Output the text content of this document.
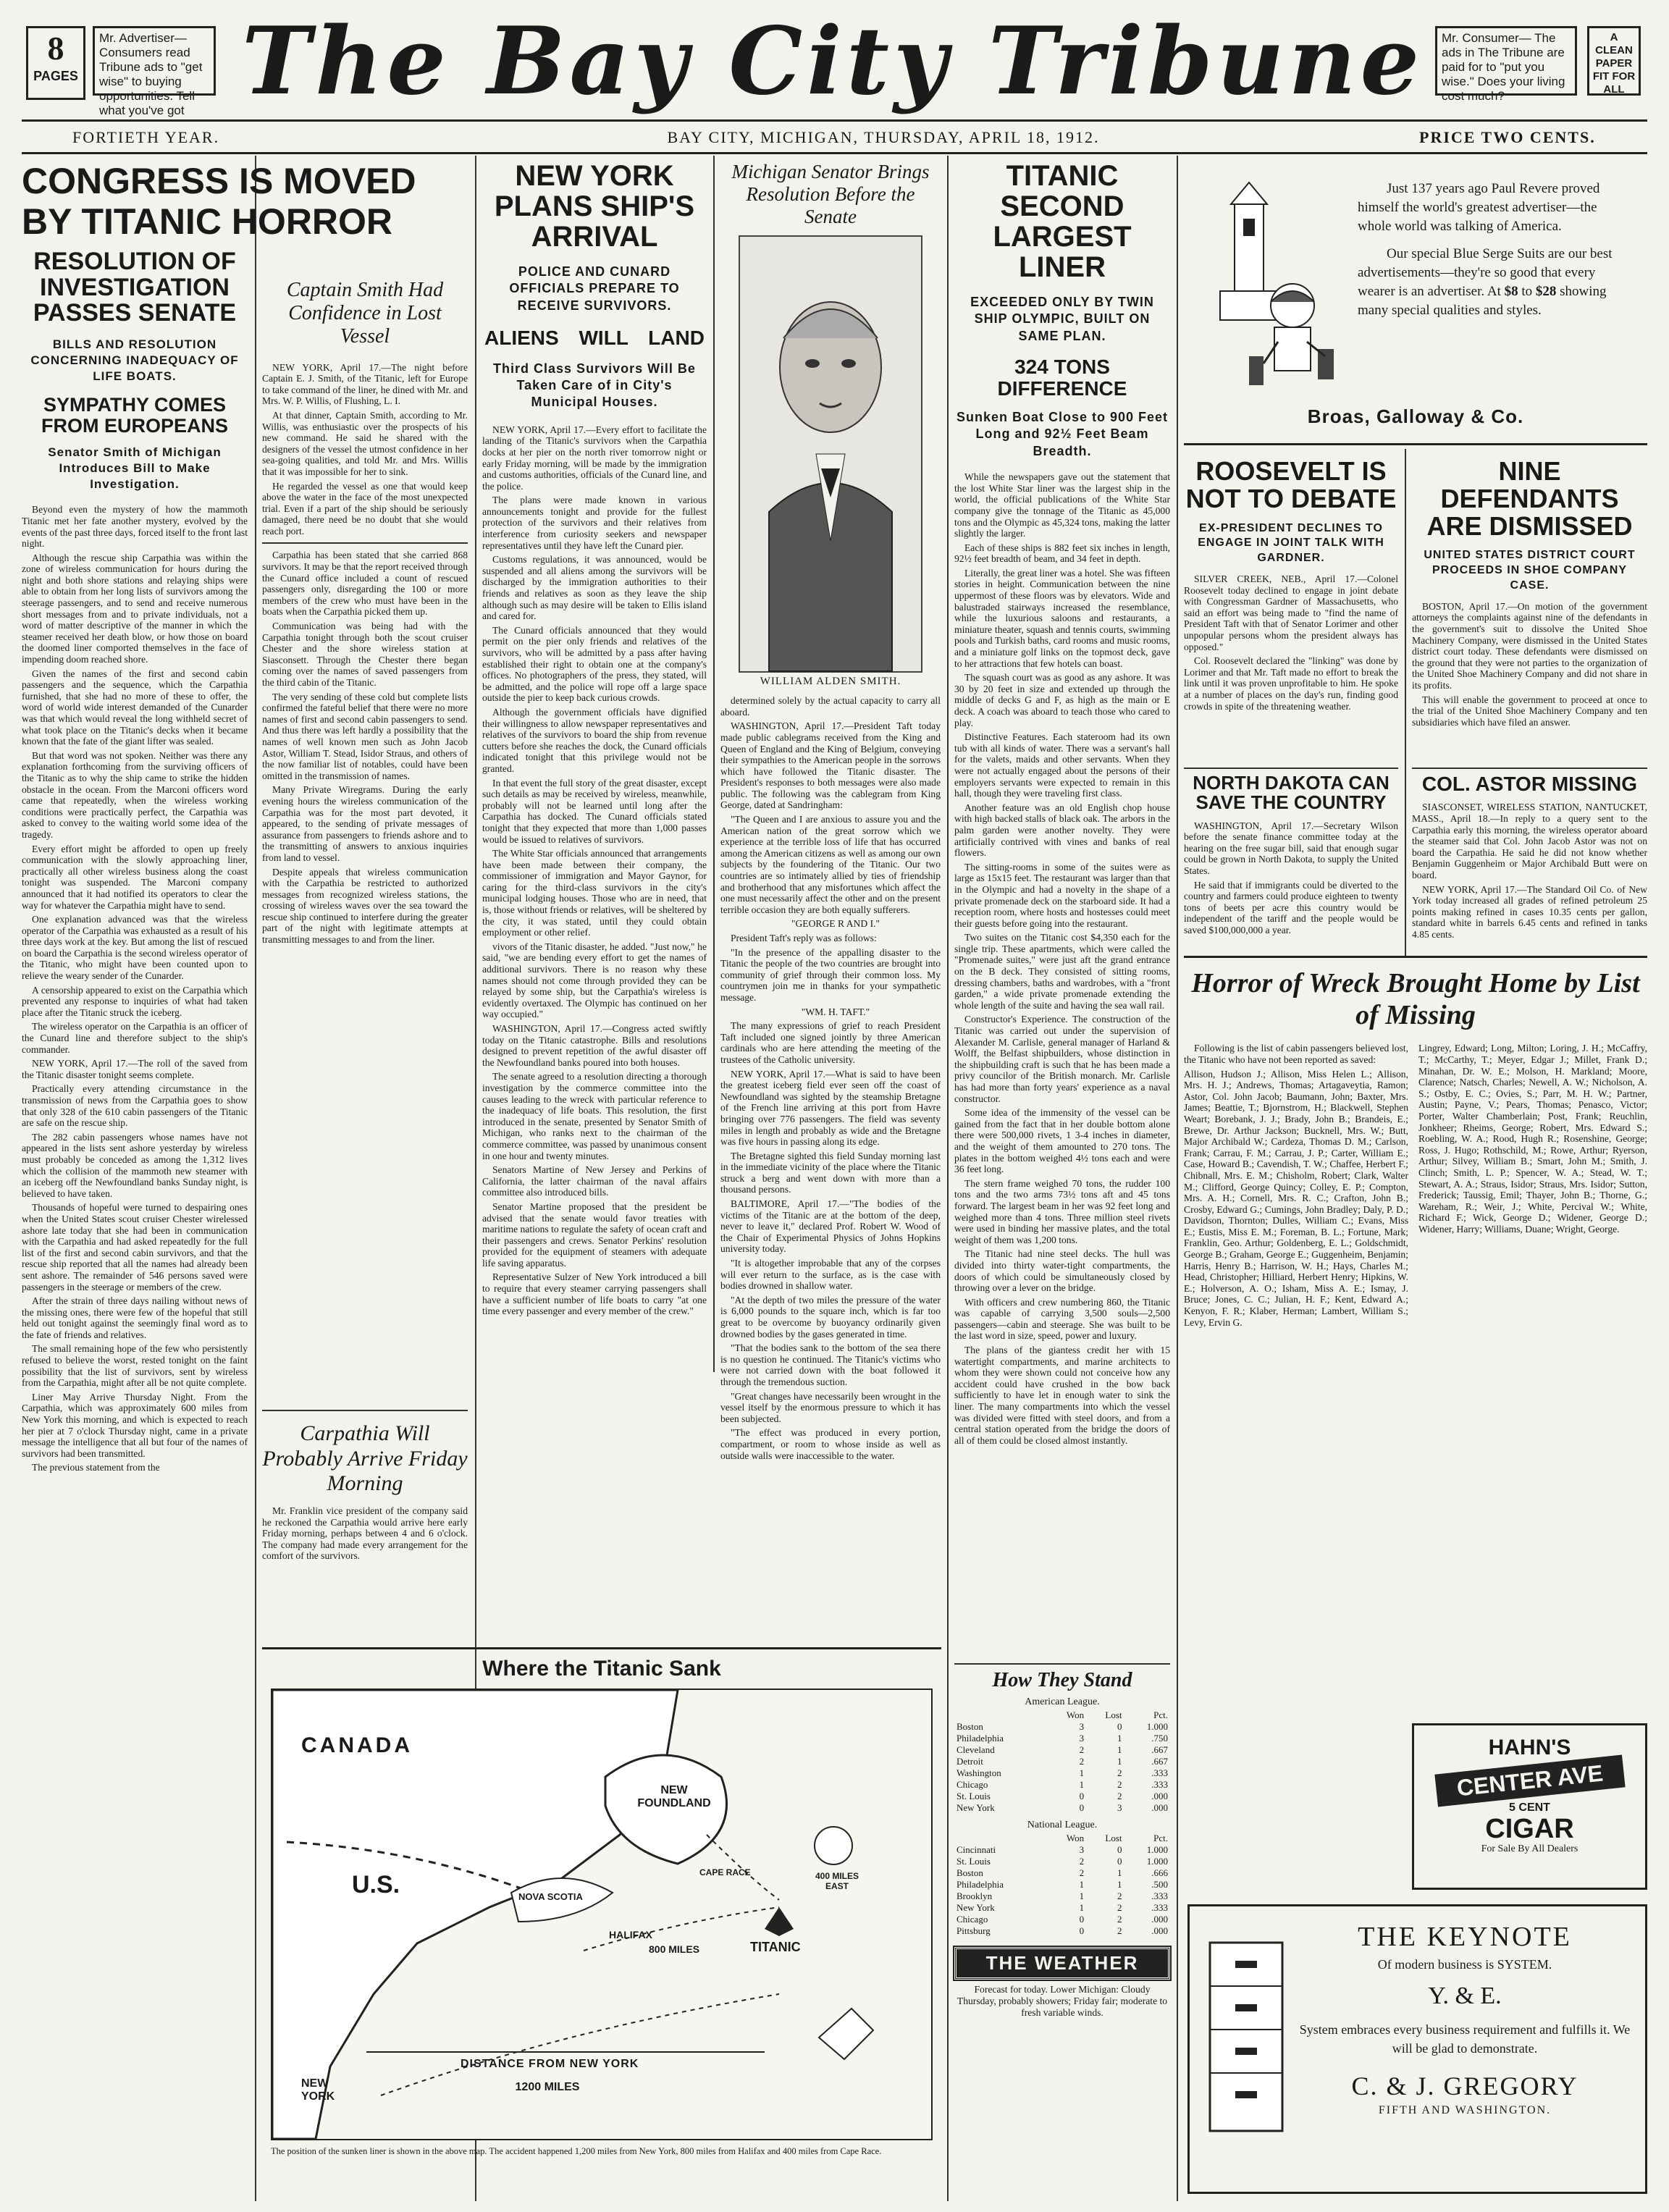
8
PAGES
Mr. Advertiser— Consumers read Tribune ads to "get wise" to buying opportunities. Tell what you've got The Bay City Tribune	Mr. Consumer— The ads in The Tribune are paid for to "put you wise." Does your living cost much?
A CLEAN PAPER FIT FOR ALL
FORTIETH YEAR.	BAY CITY, MICHIGAN, THURSDAY, APRIL 18, 1912.	PRICE TWO CENTS.
CONGRESS IS MOVED BY TITANIC HORROR
RESOLUTION OF INVESTIGATION PASSES SENATE
BILLS AND RESOLUTION CONCERNING INADEQUACY OF LIFE BOATS.
SYMPATHY COMES FROM EUROPEANS
Senator Smith of Michigan Introduces Bill to Make Investigation.

Beyond even the mystery of how the mammoth Titanic met her fate another mystery, evolved by the events of the past three days, forced itself to the front last night.

Although the rescue ship Carpathia was within the zone of wireless communication for hours during the night and both shore stations and relaying ships were able to obtain from her long lists of survivors among the steerage passengers, and to send and receive numerous short messages from and to private individuals, not a word of matter descriptive of the manner in which the steamer received her death blow, or how those on board the doomed liner comported themselves in the face of impending doom reached shore.

Given the names of the first and second cabin passengers and the sequence, which the Carpathia furnished, that she had no more of these to offer, the word of world wide interest demanded of the Cunarder was that which would reveal the long withheld secret of what took place on the Titanic's decks when it became known that the fate of the giant lifter was sealed.

But that word was not spoken. Neither was there any explanation forthcoming from the surviving officers of the Titanic as to why the ship came to strike the hidden obstacle in the ocean. From the Marconi officers word came that repeatedly, when the wireless working conditions were practically perfect, the Carpathia was asked to convey to the waiting world some idea of the tragedy.

Every effort might be afforded to open up freely communication with the slowly approaching liner, practically all other wireless business along the coast tonight was suspended. The Marconi company announced that it had notified its operators to clear the way for whatever the Carpathia might have to send.

One explanation advanced was that the wireless operator of the Carpathia was exhausted as a result of his three days work at the key. But among the list of rescued on board the Carpathia is the second wireless operator of the Titanic, who might have been counted upon to relieve the weary sender of the Cunarder.

A censorship appeared to exist on the Carpathia which prevented any response to inquiries of what had taken place after the Titanic struck the iceberg.

The wireless operator on the Carpathia is an officer of the Cunard line and therefore subject to the ship's commander.

NEW YORK, April 17.—The roll of the saved from the Titanic disaster tonight seems complete.

Practically every attending circumstance in the transmission of news from the Carpathia goes to show that only 328 of the 610 cabin passengers of the Titanic are safe on the rescue ship.

The 282 cabin passengers whose names have not appeared in the lists sent ashore yesterday by wireless must probably be conceded as among the 1,312 lives which the collision of the mammoth new steamer with an iceberg off the Newfoundland banks Sunday night, is believed to have taken.

Thousands of hopeful were turned to despairing ones when the United States scout cruiser Chester wirelessed ashore late today that she had been in communication with the Carpathia and had asked repeatedly for the full list of the first and second cabin survivors, and that the rescue ship reported that all the names had already been sent ashore. The remainder of 546 persons saved were passengers in the steerage or members of the crew.

After the strain of three days nailing without news of the missing ones, there were few of the hopeful that still held out tonight against the seemingly final word as to the fate of friends and relatives.

The small remaining hope of the few who persistently refused to believe the worst, rested tonight on the faint possibility that the list of survivors, sent by wireless from the Carpathia, might after all be not quite complete.

Liner May Arrive Thursday Night. From the Carpathia, which was approximately 600 miles from New York this morning, and which is expected to reach her pier at 7 o'clock Thursday night, came in a private message the intelligence that all but four of the names of survivors had been transmitted.

The previous statement from the

Captain Smith Had Confidence in Lost Vessel

NEW YORK, April 17.—The night before Captain E. J. Smith, of the Titanic, left for Europe to take command of the liner, he dined with Mr. and Mrs. W. P. Willis, of Flushing, L. I.

At that dinner, Captain Smith, according to Mr. Willis, was enthusiastic over the prospects of his new command. He said he shared with the designers of the vessel the utmost confidence in her sea-going qualities, and told Mr. and Mrs. Willis that it was impossible for her to sink.

He regarded the vessel as one that would keep above the water in the face of the most unexpected trial. Even if a part of the ship should be seriously damaged, there need be no doubt that she would reach port.

Carpathia has been stated that she carried 868 survivors. It may be that the report received through the Cunard office included a count of rescued passengers only, disregarding the 100 or more members of the crew who must have been in the boats when the Carpathia picked them up.

Communication was being had with the Carpathia tonight through both the scout cruiser Chester and the shore wireless station at Siasconsett. Through the Chester there began coming over the names of saved passengers from the third cabin of the Titanic.

The very sending of these cold but complete lists confirmed the fateful belief that there were no more names of first and second cabin passengers to send. And thus there was left hardly a possibility that the names of well known men such as John Jacob Astor, William T. Stead, Isidor Straus, and others of the now familiar list of notables, could have been omitted in the transmission of names.

Many Private Wiregrams. During the early evening hours the wireless communication of the Carpathia was for the most part devoted, it appeared, to the sending of private messages of assurance from passengers to friends ashore and to the transmitting of answers to anxious inquiries from land to vessel.

Despite appeals that wireless communication with the Carpathia be restricted to authorized messages from recognized wireless stations, the crossing of wireless waves over the sea toward the rescue ship continued to interfere during the greater part of the night with legitimate attempts at transmitting messages to and from the liner.

Carpathia Will Probably Arrive Friday Morning

Mr. Franklin vice president of the company said he reckoned the Carpathia would arrive here early Friday morning, perhaps between 4 and 6 o'clock. The company had made every arrangement for the comfort of the survivors.

NEW YORK PLANS SHIP'S ARRIVAL
POLICE AND CUNARD OFFICIALS PREPARE TO RECEIVE SURVIVORS.
ALIENS WILL LAND
Third Class Survivors Will Be Taken Care of in City's Municipal Houses.

NEW YORK, April 17.—Every effort to facilitate the landing of the Titanic's survivors when the Carpathia docks at her pier on the north river tomorrow night or early Friday morning, will be made by the immigration and customs authorities, officials of the Cunard line, and the police.

The plans were made known in various announcements tonight and provide for the fullest protection of the survivors and their relatives from interference from curiosity seekers and newspaper representatives until they have left the Cunard pier.

Customs regulations, it was announced, would be suspended and all aliens among the survivors will be discharged by the immigration authorities to their friends and relatives as soon as they leave the ship although such as may desire will be taken to Ellis island and cared for.

The Cunard officials announced that they would permit on the pier only friends and relatives of the survivors, who will be admitted by a pass after having established their right to obtain one at the company's offices. No photographers of the press, they stated, will be admitted, and the police will rope off a large space outside the pier to keep back curious crowds.

Although the government officials have dignified their willingness to allow newspaper representatives and relatives of the survivors to board the ship from revenue cutters before she reaches the dock, the Cunard officials indicated tonight that this privilege would not be granted.

In that event the full story of the great disaster, except such details as may be received by wireless, meanwhile, probably will not be learned until long after the Carpathia has docked. The Cunard officials stated tonight that they expected that more than 1,000 passes would be issued to relatives of survivors.

The White Star officials announced that arrangements have been made between their company, the commissioner of immigration and Mayor Gaynor, for caring for the third-class survivors in the city's municipal lodging houses. Those who are in need, that is, those without friends or relatives, will be sheltered by the city, it was stated, until they could obtain employment or other relief.

vivors of the Titanic disaster, he added. "Just now," he said, "we are bending every effort to get the names of additional survivors. There is no reason why these names should not come through provided they can be relayed by some ship, but the Carpathia's wireless is evidently overtaxed. The Olympic has continued on her way occupied."

WASHINGTON, April 17.—Congress acted swiftly today on the Titanic catastrophe. Bills and resolutions designed to prevent repetition of the awful disaster off the Newfoundland banks poured into both houses.

The senate agreed to a resolution directing a thorough investigation by the commerce committee into the causes leading to the wreck with particular reference to the inadequacy of life boats. This resolution, the first introduced in the senate, presented by Senator Smith of Michigan, who ranks next to the chairman of the commerce committee, was passed by unanimous consent in one hour and twenty minutes.

Senators Martine of New Jersey and Perkins of California, the latter chairman of the naval affairs committee also introduced bills.

Senator Martine proposed that the president be advised that the senate would favor treaties with maritime nations to regulate the safety of ocean craft and their passengers and crews. Senator Perkins' resolution provided for the equipment of steamers with adequate life saving apparatus.

Representative Sulzer of New York introduced a bill to require that every steamer carrying passengers shall have a sufficient number of life boats to carry "at one time every passenger and every member of the crew."

Michigan Senator Brings Resolution Before the Senate
WILLIAM ALDEN SMITH.

determined solely by the actual capacity to carry all aboard.

WASHINGTON, April 17.—President Taft today made public cablegrams received from the King and Queen of England and the King of Belgium, conveying their sympathies to the American people in the sorrows which have followed the Titanic disaster. The President's responses to both messages were also made public. The following was the cablegram from King George, dated at Sandringham:

"The Queen and I are anxious to assure you and the American nation of the great sorrow which we experience at the terrible loss of life that has occurred among the American citizens as well as among our own subjects by the foundering of the Titanic. Our two countries are so intimately allied by ties of friendship and brotherhood that any misfortunes which affect the one must necessarily affect the other and on the present terrible occasion they are both equally sufferers.

"GEORGE R AND I."

President Taft's reply was as follows:

"In the presence of the appalling disaster to the Titanic the people of the two countries are brought into community of grief through their common loss. My countrymen join me in thanks for your sympathetic message.

"WM. H. TAFT."

The many expressions of grief to reach President Taft included one signed jointly by three American cardinals who are here attending the meeting of the trustees of the Catholic university.

NEW YORK, April 17.—What is said to have been the greatest iceberg field ever seen off the coast of Newfoundland was sighted by the steamship Bretagne of the French line arriving at this port from Havre bringing over 776 passengers. The field was seventy miles in length and probably as wide and the Bretagne was five hours in passing along its edge.

The Bretagne sighted this field Sunday morning last in the immediate vicinity of the place where the Titanic struck a berg and went down with more than a thousand persons.

BALTIMORE, April 17.—"The bodies of the victims of the Titanic are at the bottom of the deep, never to leave it," declared Prof. Robert W. Wood of the Chair of Experimental Physics of Johns Hopkins university today.

"It is altogether improbable that any of the corpses will ever return to the surface, as is the case with bodies drowned in shallow water.

"At the depth of two miles the pressure of the water is 6,000 pounds to the square inch, which is far too great to be overcome by buoyancy ordinarily given drowned bodies by the gases generated in time.

"That the bodies sank to the bottom of the sea there is no question he continued. The Titanic's victims who were not carried down with the boat followed it through the tremendous suction.

"Great changes have necessarily been wrought in the vessel itself by the enormous pressure to which it has been subjected.

"The effect was produced in every portion, compartment, or room to whose inside as well as outside walls were inaccessible to the water.

Where the Titanic Sank
CANADA
U.S.
NEW FOUNDLAND
NOVA SCOTIA
HALIFAX
800 MILES
CAPE RACE	400 MILES EAST
NEW YORK
TITANIC
DISTANCE FROM NEW YORK
1200 MILES
The position of the sunken liner is shown in the above map. The accident happened 1,200 miles from New York, 800 miles from Halifax and 400 miles from Cape Race.
TITANIC SECOND LARGEST LINER
EXCEEDED ONLY BY TWIN SHIP OLYMPIC, BUILT ON SAME PLAN.
324 TONS DIFFERENCE
Sunken Boat Close to 900 Feet Long and 92½ Feet Beam Breadth.

While the newspapers gave out the statement that the lost White Star liner was the largest ship in the world, the official publications of the White Star company give the tonnage of the Titanic as 45,000 tons and the Olympic as 45,324 tons, making the latter slightly the larger.

Each of these ships is 882 feet six inches in length, 92½ feet breadth of beam, and 34 feet in depth.

Literally, the great liner was a hotel. She was fifteen stories in height. Communication between the nine uppermost of these floors was by elevators. Wide and balustraded stairways increased the resemblance, while the luxurious saloons and restaurants, a miniature theater, squash and tennis courts, swimming pools and Turkish baths, card rooms and music rooms, and a miniature golf links on the topmost deck, gave to her attractions that few hotels can boast.

The squash court was as good as any ashore. It was 30 by 20 feet in size and extended up through the middle of decks G and F, as high as the main or E deck. A coach was aboard to teach those who cared to play.

Distinctive Features. Each stateroom had its own tub with all kinds of water. There was a servant's hall for the valets, maids and other servants. When they were not actually engaged about the persons of their employers servants were expected to remain in this hall, though they were traveling first class.

Another feature was an old English chop house with high backed stalls of black oak. The arbors in the palm garden were another novelty. They were artificially contrived with vines and banks of real flowers.

The sitting-rooms in some of the suites were as large as 15x15 feet. The restaurant was larger than that in the Olympic and had a novelty in the shape of a private promenade deck on the starboard side. It had a reception room, where hosts and hostesses could meet their guests before going into the restaurant.

Two suites on the Titanic cost $4,350 each for the single trip. These apartments, which were called the "Promenade suites," were just aft the grand entrance on the B deck. They consisted of sitting rooms, dressing chambers, baths and wardrobes, with a "front garden," a wide private promenade extending the whole length of the suite and having the sea wall rail.

Constructor's Experience. The construction of the Titanic was carried out under the supervision of Alexander M. Carlisle, general manager of Harland & Wolff, the Belfast shipbuilders, whose distinction in the shipbuilding craft is such that he has been made a privy councilor of the British monarch. Mr. Carlisle has had more than forty years' experience as a naval constructor.

Some idea of the immensity of the vessel can be gained from the fact that in her double bottom alone there were 500,000 rivets, 1 3-4 inches in diameter, and the weight of them amounted to 270 tons. The plates in the bottom weighed 4½ tons each and were 36 feet long.

The stern frame weighed 70 tons, the rudder 100 tons and the two arms 73½ tons aft and 45 tons forward. The largest beam in her was 92 feet long and weighed more than 4 tons. Three million steel rivets were used in binding her massive plates, and the total weight of them was 1,200 tons.

The Titanic had nine steel decks. The hull was divided into thirty water-tight compartments, the doors of which could be simultaneously closed by throwing over a lever on the bridge.

With officers and crew numbering 860, the Titanic was capable of carrying 3,500 souls—2,500 passengers—cabin and steerage. She was built to be the last word in size, speed, power and luxury.

The plans of the giantess credit her with 15 watertight compartments, and marine architects to whom they were shown could not conceive how any accident could have crushed in the bow back sufficiently to have let in enough water to sink the liner. The many compartments into which the vessel was divided were fitted with steel doors, and from a central station operated from the bridge the doors of all of them could be closed almost instantly.

How They Stand
American League.
	Won	Lost	Pct.
Boston	3	0	1.000
Philadelphia	3	1	.750
Cleveland	2	1	.667
Detroit	2	1	.667
Washington	1	2	.333
Chicago	1	2	.333
St. Louis	0	2	.000
New York	0	3	.000
National League.
	Won	Lost	Pct.
Cincinnati	3	0	1.000
St. Louis	2	0	1.000
Boston	2	1	.666
Philadelphia	1	1	.500
Brooklyn	1	2	.333
New York	1	2	.333
Chicago	0	2	.000
Pittsburg	0	2	.000
THE WEATHER
Forecast for today. Lower Michigan: Cloudy Thursday, probably showers; Friday fair; moderate to fresh variable winds.

Just 137 years ago Paul Revere proved himself the world's greatest advertiser—the whole world was talking of America.

Our special Blue Serge Suits are our best advertisements—they're so good that every wearer is an advertiser. At $8 to $28 showing many special qualities and styles.

Broas, Galloway & Co.
ROOSEVELT IS NOT TO DEBATE
EX-PRESIDENT DECLINES TO ENGAGE IN JOINT TALK WITH GARDNER.

SILVER CREEK, NEB., April 17.—Colonel Roosevelt today declined to engage in joint debate with Congressman Gardner of Massachusetts, who said an effort was being made to "find the name of President Taft with that of Senator Lorimer and other unpopular persons whom the president always has opposed."

Col. Roosevelt declared the "linking" was done by Lorimer and that Mr. Taft made no effort to break the link until it was proven unprofitable to him. He spoke at a number of places on the day's run, finding good crowds in spite of the threatening weather.

NORTH DAKOTA CAN SAVE THE COUNTRY

WASHINGTON, April 17.—Secretary Wilson before the senate finance committee today at the hearing on the free sugar bill, said that enough sugar could be grown in North Dakota, to supply the United States.

He said that if immigrants could be diverted to the country and farmers could produce eighteen to twenty tons of beets per acre this country would be independent of the tariff and the people would be saved $100,000,000 a year.

NINE DEFENDANTS ARE DISMISSED
UNITED STATES DISTRICT COURT PROCEEDS IN SHOE COMPANY CASE.

BOSTON, April 17.—On motion of the government attorneys the complaints against nine of the defendants in the government's suit to dissolve the United Shoe Machinery Company, were dismissed in the United States district court today. These defendants were dismissed on the ground that they were not parties to the organization of the United Shoe Machinery Company and did not share in its profits.

This will enable the government to proceed at once to the trial of the United Shoe Machinery Company and ten subsidiaries which have filed an answer.

COL. ASTOR MISSING

SIASCONSET, WIRELESS STATION, NANTUCKET, MASS., April 18.—In reply to a query sent to the Carpathia early this morning, the wireless operator aboard the steamer said that Col. John Jacob Astor was not on board the Carpathia. He said he did not know whether Benjamin Guggenheim or Major Archibald Butt were on board.

NEW YORK, April 17.—The Standard Oil Co. of New York today increased all grades of refined petroleum 25 points making refined in cases 10.35 cents per gallon, standard white in barrels 6.45 cents and refined in tanks 4.85 cents.

Horror of Wreck Brought Home by List of Missing

Following is the list of cabin passengers believed lost, the Titanic who have not been reported as saved:

Allison, Hudson J.; Allison, Miss Helen L.; Allison, Mrs. H. J.; Andrews, Thomas; Artagaveytia, Ramon; Astor, Col. John Jacob; Baumann, John; Baxter, Mrs. James; Beattie, T.; Bjornstrom, H.; Blackwell, Stephen Weart; Borebank, J. J.; Brady, John B.; Brandeis, E.; Brewe, Dr. Arthur Jackson; Bucknell, Mrs. W.; Butt, Major Archibald W.; Cardeza, Thomas D. M.; Carlson, Frank; Carrau, F. M.; Carrau, J. P.; Carter, William E.; Case, Howard B.; Cavendish, T. W.; Chaffee, Herbert F.; Chibnall, Mrs. E. M.; Chisholm, Robert; Clark, Walter M.; Clifford, George Quincy; Colley, E. P.; Compton, Mrs. A. H.; Cornell, Mrs. R. C.; Crafton, John B.; Crosby, Edward G.; Cumings, John Bradley; Daly, P. D.; Davidson, Thornton; Dulles, William C.; Evans, Miss E.; Eustis, Miss E. M.; Foreman, B. L.; Fortune, Mark; Franklin, Geo. Arthur; Goldenberg, E. L.; Goldschmidt, George B.; Graham, George E.; Guggenheim, Benjamin; Harris, Henry B.; Harrison, W. H.; Hays, Charles M.; Head, Christopher; Hilliard, Herbert Henry; Hipkins, W. E.; Holverson, A. O.; Isham, Miss A. E.; Ismay, J. Bruce; Jones, C. C.; Julian, H. F.; Kent, Edward A.; Kenyon, F. R.; Klaber, Herman; Lambert, William S.; Levy, Ervin G.

Lingrey, Edward; Long, Milton; Loring, J. H.; McCaffry, T.; McCarthy, T.; Meyer, Edgar J.; Millet, Frank D.; Minahan, Dr. W. E.; Molson, H. Markland; Moore, Clarence; Natsch, Charles; Newell, A. W.; Nicholson, A. S.; Ostby, E. C.; Ovies, S.; Parr, M. H. W.; Partner, Austin; Payne, V.; Pears, Thomas; Penasco, Victor; Porter, Walter Chamberlain; Post, Frank; Reuchlin, Jonkheer; Rheims, George; Robert, Mrs. Edward S.; Roebling, W. A.; Rood, Hugh R.; Rosenshine, George; Ross, J. Hugo; Rothschild, M.; Rowe, Arthur; Ryerson, Arthur; Silvey, William B.; Smart, John M.; Smith, J. Clinch; Smith, L. P.; Spencer, W. A.; Stead, W. T.; Stewart, A. A.; Straus, Isidor; Straus, Mrs. Isidor; Sutton, Frederick; Taussig, Emil; Thayer, John B.; Thorne, G.; Wareham, R.; Weir, J.; White, Percival W.; White, Richard F.; Wick, George D.; Widener, George D.; Widener, Harry; Williams, Duane; Wright, George.

HAHN'S
CENTER AVE
5 CENT
CIGAR
For Sale By All Dealers
THE KEYNOTE
Of modern business is SYSTEM.
Y. & E.
System embraces every business requirement and fulfills it. We will be glad to demonstrate.
C. & J. GREGORY
FIFTH AND WASHINGTON.
